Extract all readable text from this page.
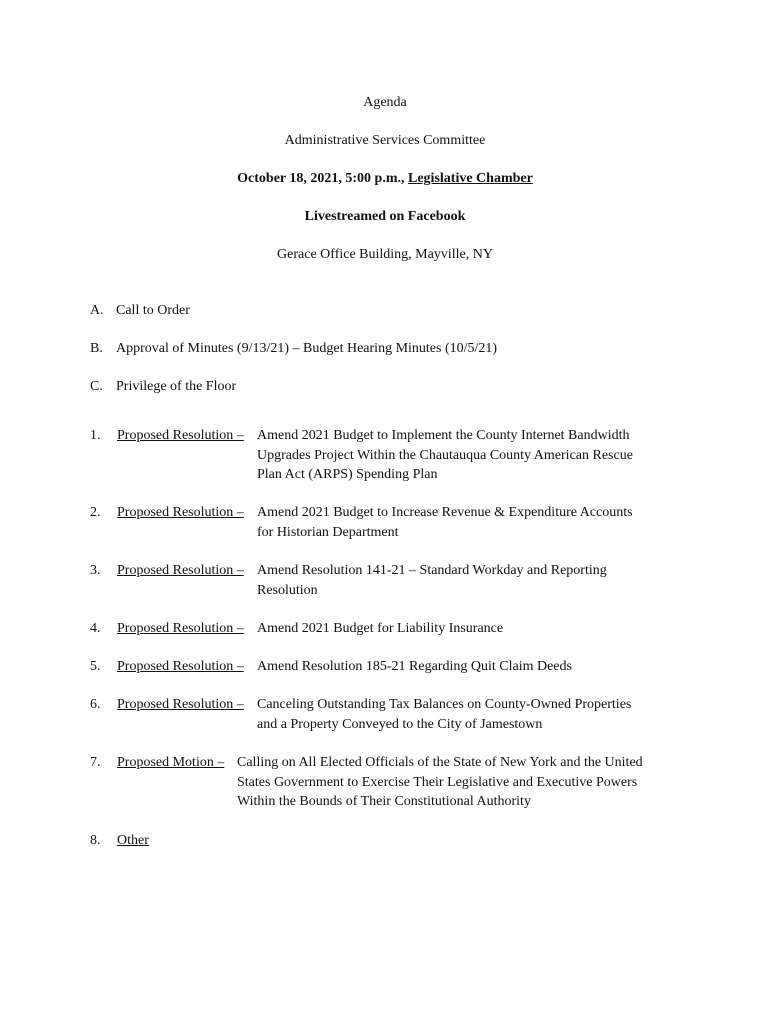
Agenda
Administrative Services Committee
October 18, 2021, 5:00 p.m., Legislative Chamber
Livestreamed on Facebook
Gerace Office Building, Mayville, NY
A. Call to Order
B. Approval of Minutes (9/13/21) – Budget Hearing Minutes (10/5/21)
C. Privilege of the Floor
1.	Proposed Resolution – Amend 2021 Budget to Implement the County Internet Bandwidth
Upgrades Project Within the Chautauqua County American Rescue
Plan Act (ARPS) Spending Plan
2.	Proposed Resolution – Amend 2021 Budget to Increase Revenue & Expenditure Accounts
for Historian Department
3.	Proposed Resolution – Amend Resolution 141-21 – Standard Workday and Reporting
Resolution
4.	Proposed Resolution – Amend 2021 Budget for Liability Insurance
5.	Proposed Resolution – Amend Resolution 185-21 Regarding Quit Claim Deeds
6.	Proposed Resolution – Canceling Outstanding Tax Balances on County-Owned Properties
and a Property Conveyed to the City of Jamestown
7.	Proposed Motion – Calling on All Elected Officials of the State of New York and the United
States Government to Exercise Their Legislative and Executive Powers
Within the Bounds of Their Constitutional Authority
8.	Other
